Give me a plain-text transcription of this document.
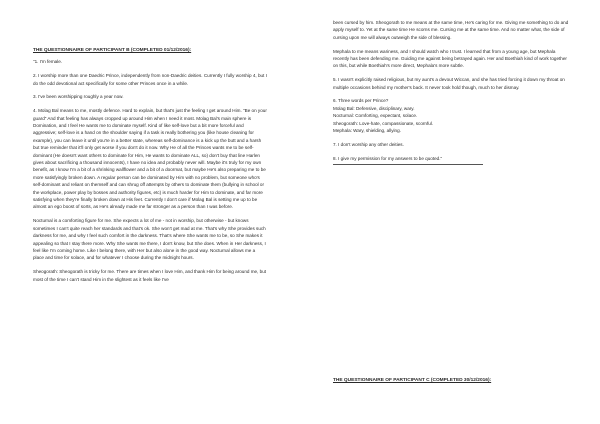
THE QUESTIONNAIRE OF PARTICIPANT B (COMPLETED 01/12/2016):

"1. I'm female.

2. I worship more than one Daedric Prince, independently from non-Daedric deities. Currently I fully worship 4, but I do the odd devotional act specifically for some other Princes once in a while.

3. I've been worshipping roughly a year now.

4. Molag Bal means to me, mostly defence. Hard to explain, but that's just the feeling I get around Him. "Be on your guard" And that feeling has always cropped up around Him when I need it most. Molag Bal's main sphere is Domination, and I feel He wants me to dominate myself. Kind of like self-love but a bit more forceful and aggressive; self-love is a hand on the shoulder saying if a task is really bothering you (like house cleaning for example), you can leave it until you're in a better state, whereas self-dominance is a kick up the butt and a harsh but true reminder that it'll only get worse if you don't do it now. Why He of all the Princes wants me to be self-dominant (He doesn't want others to dominate for Him, He wants to dominate ALL, so) don't buy that line Harlen gives about sacrificing a thousand innocents), I have no idea and probably never will. Maybe it's truly for my own benefit, as I know I'm a bit of a shrinking wallflower and a bit of a doormat, but maybe He's also preparing me to be more satisfyingly broken down. A regular person can be dominated by Him with no problem, but someone who's self-dominant and reliant on themself and can shrug off attempts by others to dominate them (bullying in school or the workplace, power play by bosses and authority figures, etc) is much harder for Him to dominate, and far more satisfying when they're finally broken down at His feet. Currently I don't care if Molag Bal is setting me up to be almost an ego boost of sorts, as He's already made me far stronger as a person than I was before.

Nocturnal is a comforting figure for me. She expects a lot of me - not in worship, but otherwise - but knows sometimes I can't quite reach her standards and that's ok. She won't get mad at me. That's why She provides such darkness for me, and why I feel such comfort in the darkness. That's where She wants me to be, so She makes it appealing so that I stay there more. Why She wants me there, I don't know, but She does. When in Her darkness, I feel like I'm coming home. Like I belong there, with Her but also alone in the good way. Nocturnal allows me a place and time for solace, and for whatever I choose during the midnight hours.

Sheogorath: Sheogorath is tricky for me. There are times when I love Him, and thank Him for being around me, but most of the time I can't stand Him in the slightest as it feels like I've

been cursed by him. Sheogorath to me means at the same time, He's caring for me. Giving me something to do and apply myself to. Yet at the same time He scorns me. Cursing me at the same time. And no matter what, the side of cursing upon me will always outweigh the side of blessing.

Mephala to me means wariness, and I should watch who I trust. I learned that from a young age, but Mephala recently has been defending me. Guiding me against being betrayed again. Her and Boethiah kind of work together on this, but while Boethiah's more direct, Mephala's more subtle.

5. I wasn't explicitly raised religious, but my aunt's a devout Wiccan, and she has tried forcing it down my throat on multiple occasions behind my mother's back. It never took hold though, much to her dismay.

6. Three words per Prince?
Molag Bal: Defensive, disciplinary, wary.
Nocturnal: Comforting, expectant, solace.
Sheogorath: Love-hate, compassionate, scornful.
Mephala: Wary, shielding, allying.

7. I don't worship any other deities.

8. I give my permission for my answers to be quoted."

THE QUESTIONNAIRE OF PARTICIPANT C (COMPLETED 30/12/2016):
